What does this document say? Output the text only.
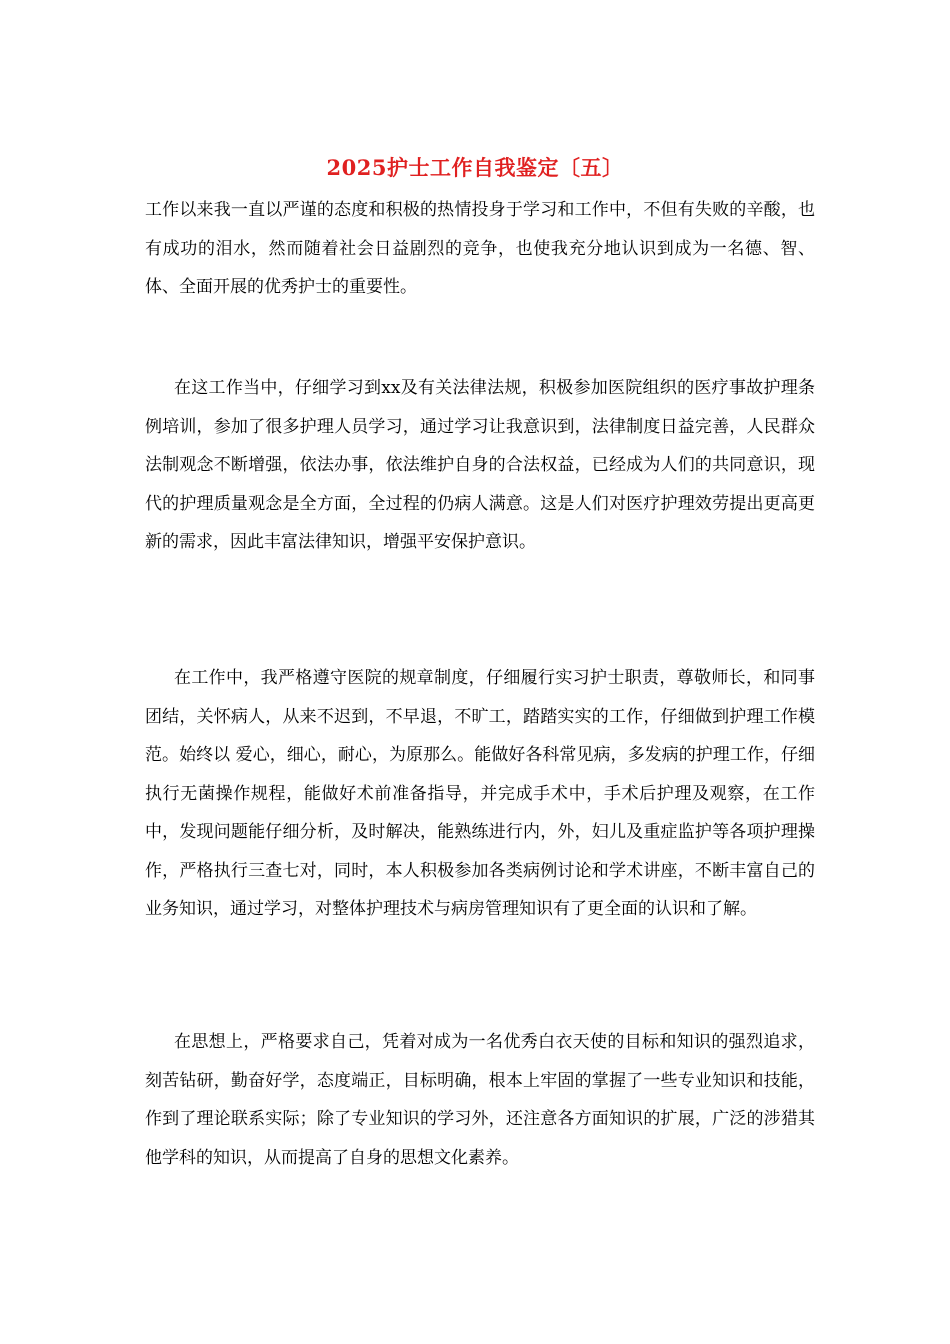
2025护士工作自我鉴定〔五〕

工作以来我一直以严谨的态度和积极的热情投身于学习和工作中，不但有失败的辛酸，也有成功的泪水，然而随着社会日益剧烈的竞争，也使我充分地认识到成为一名德、智、体、全面开展的优秀护士的重要性。

在这工作当中，仔细学习到xx及有关法律法规，积极参加医院组织的医疗事故护理条例培训，参加了很多护理人员学习，通过学习让我意识到，法律制度日益完善，人民群众法制观念不断增强，依法办事，依法维护自身的合法权益，已经成为人们的共同意识，现代的护理质量观念是全方面，全过程的仍病人满意。这是人们对医疗护理效劳提出更高更新的需求，因此丰富法律知识，增强平安保护意识。

在工作中，我严格遵守医院的规章制度，仔细履行实习护士职责，尊敬师长，和同事团结，关怀病人，从来不迟到，不早退，不旷工，踏踏实实的工作，仔细做到护理工作模范。始终以 爱心，细心，耐心，为原那么。能做好各科常见病，多发病的护理工作，仔细执行无菌操作规程，能做好术前准备指导，并完成手术中，手术后护理及观察，在工作中，发现问题能仔细分析，及时解决，能熟练进行内，外，妇儿及重症监护等各项护理操作，严格执行三查七对，同时，本人积极参加各类病例讨论和学术讲座，不断丰富自己的业务知识，通过学习，对整体护理技术与病房管理知识有了更全面的认识和了解。

在思想上，严格要求自己，凭着对成为一名优秀白衣天使的目标和知识的强烈追求，刻苦钻研，勤奋好学，态度端正，目标明确，根本上牢固的掌握了一些专业知识和技能，作到了理论联系实际；除了专业知识的学习外，还注意各方面知识的扩展，广泛的涉猎其他学科的知识，从而提高了自身的思想文化素养。
